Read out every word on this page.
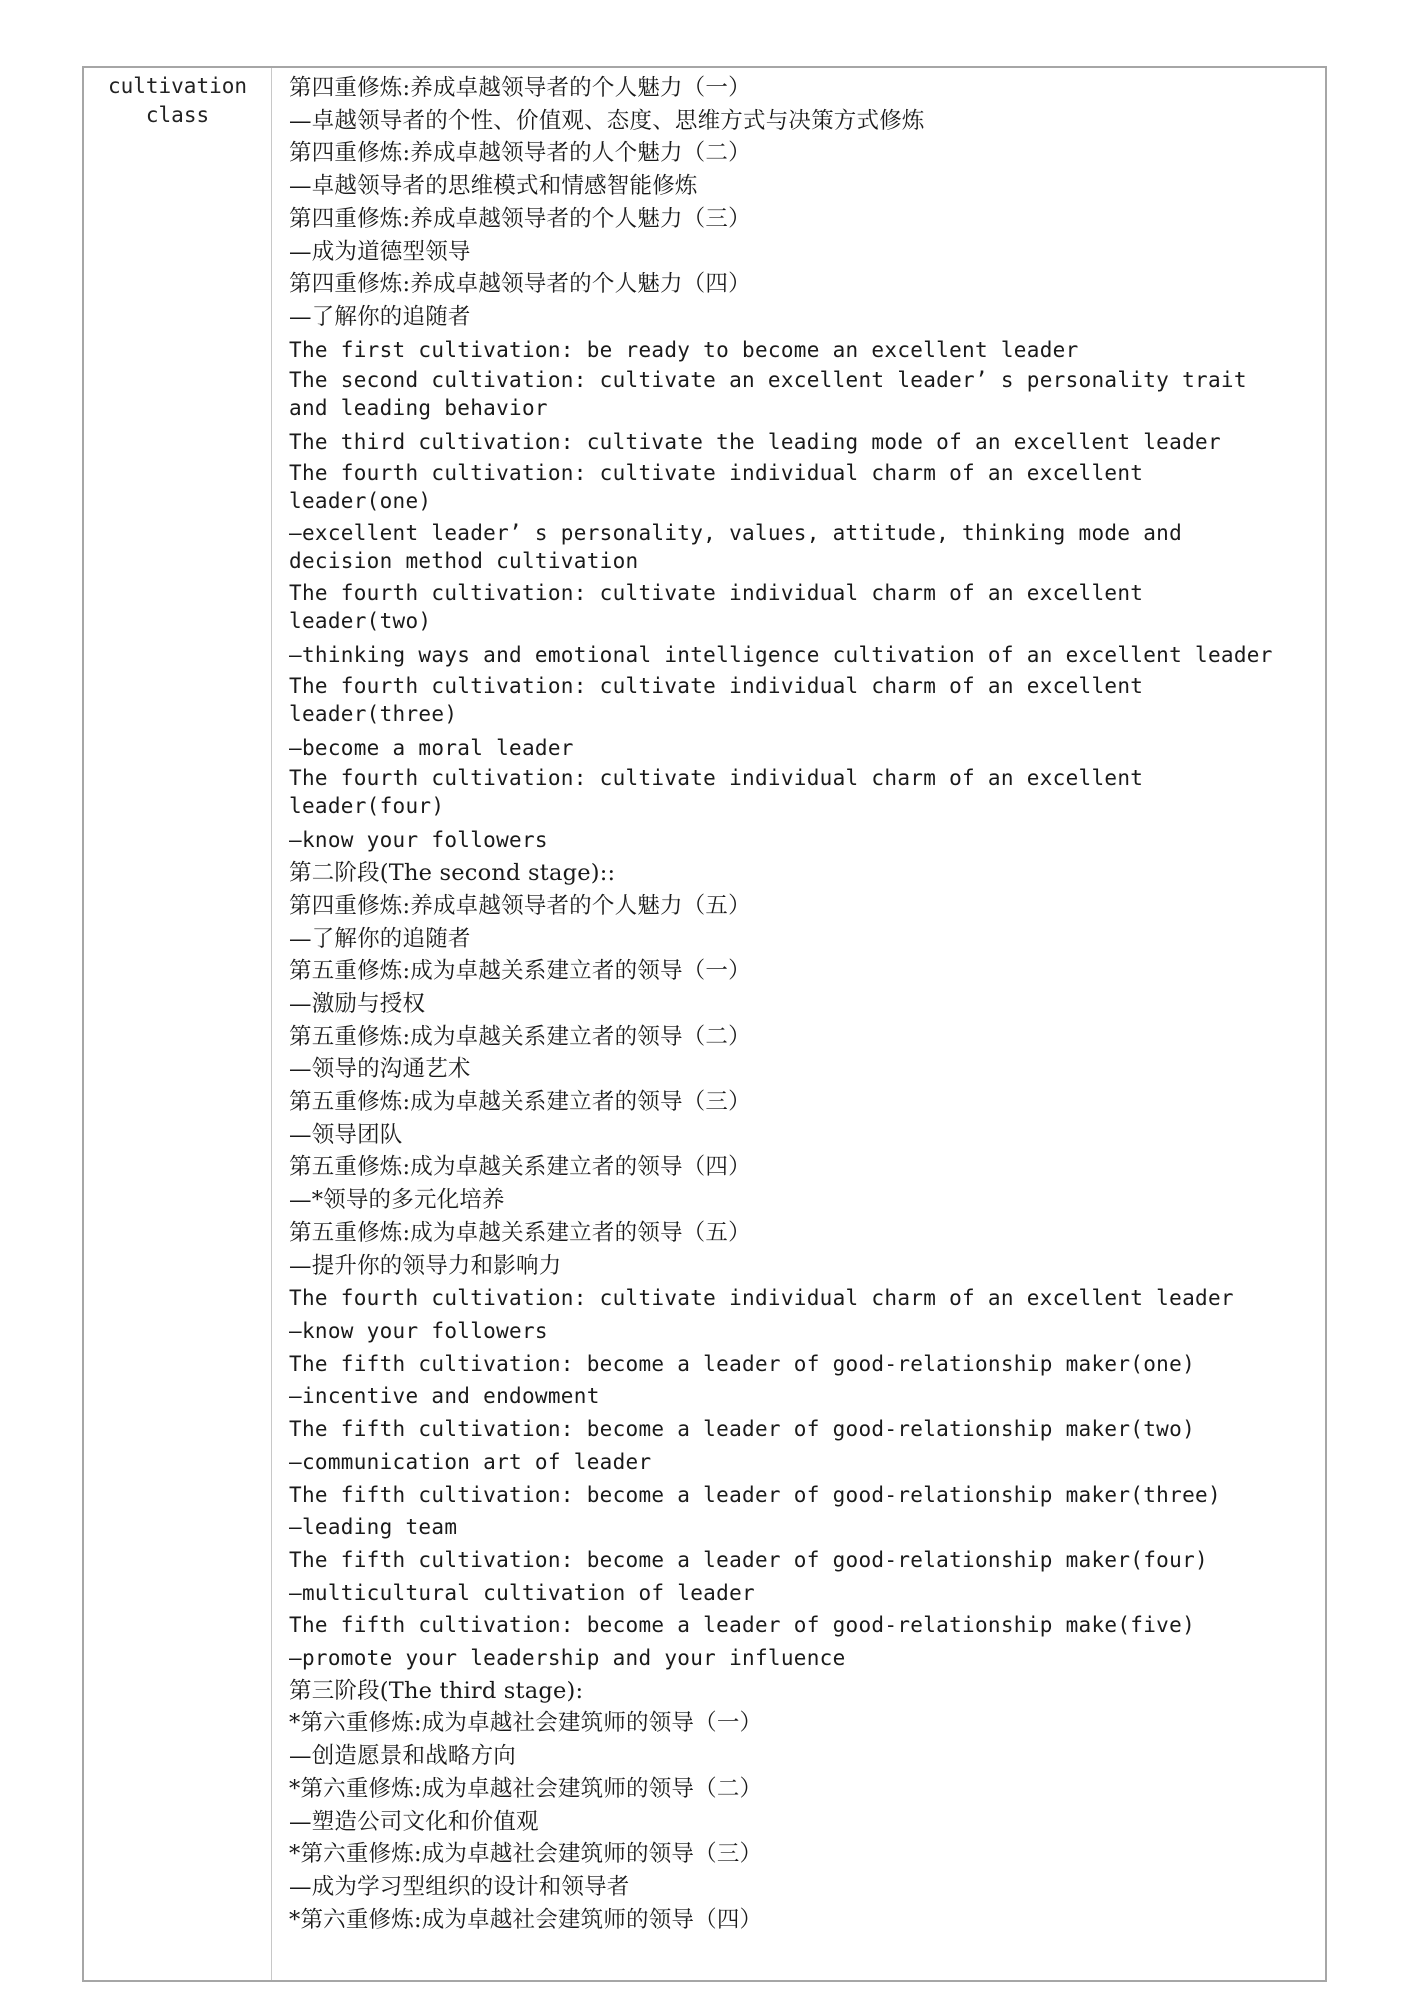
cultivation
class
第四重修炼:养成卓越领导者的个人魅力（一）
—卓越领导者的个性、价值观、态度、思维方式与决策方式修炼
第四重修炼:养成卓越领导者的人个魅力（二）
—卓越领导者的思维模式和情感智能修炼
第四重修炼:养成卓越领导者的个人魅力（三）
—成为道德型领导
第四重修炼:养成卓越领导者的个人魅力（四）
—了解你的追随者
The first cultivation: be ready to become an excellent leader
The second cultivation: cultivate an excellent leader’ s personality trait
and leading behavior
The third cultivation: cultivate the leading mode of an excellent leader
The fourth cultivation: cultivate individual charm of an excellent
leader(one)
—excellent leader’ s personality, values, attitude, thinking mode and
decision method cultivation
The fourth cultivation: cultivate individual charm of an excellent
leader(two)
—thinking ways and emotional intelligence cultivation of an excellent leader
The fourth cultivation: cultivate individual charm of an excellent
leader(three)
—become a moral leader
The fourth cultivation: cultivate individual charm of an excellent
leader(four)
—know your followers
第二阶段(The second stage)::
第四重修炼:养成卓越领导者的个人魅力（五）
—了解你的追随者
第五重修炼:成为卓越关系建立者的领导（一）
—激励与授权
第五重修炼:成为卓越关系建立者的领导（二）
—领导的沟通艺术
第五重修炼:成为卓越关系建立者的领导（三）
—领导团队
第五重修炼:成为卓越关系建立者的领导（四）
—*领导的多元化培养
第五重修炼:成为卓越关系建立者的领导（五）
—提升你的领导力和影响力
The fourth cultivation: cultivate individual charm of an excellent leader
—know your followers
The fifth cultivation: become a leader of good-relationship maker(one)
—incentive and endowment
The fifth cultivation: become a leader of good-relationship maker(two)
—communication art of leader
The fifth cultivation: become a leader of good-relationship maker(three)
—leading team
The fifth cultivation: become a leader of good-relationship maker(four)
—multicultural cultivation of leader
The fifth cultivation: become a leader of good-relationship make(five)
—promote your leadership and your influence
第三阶段(The third stage):
*第六重修炼:成为卓越社会建筑师的领导（一）
—创造愿景和战略方向
*第六重修炼:成为卓越社会建筑师的领导（二）
—塑造公司文化和价值观
*第六重修炼:成为卓越社会建筑师的领导（三）
—成为学习型组织的设计和领导者
*第六重修炼:成为卓越社会建筑师的领导（四）
